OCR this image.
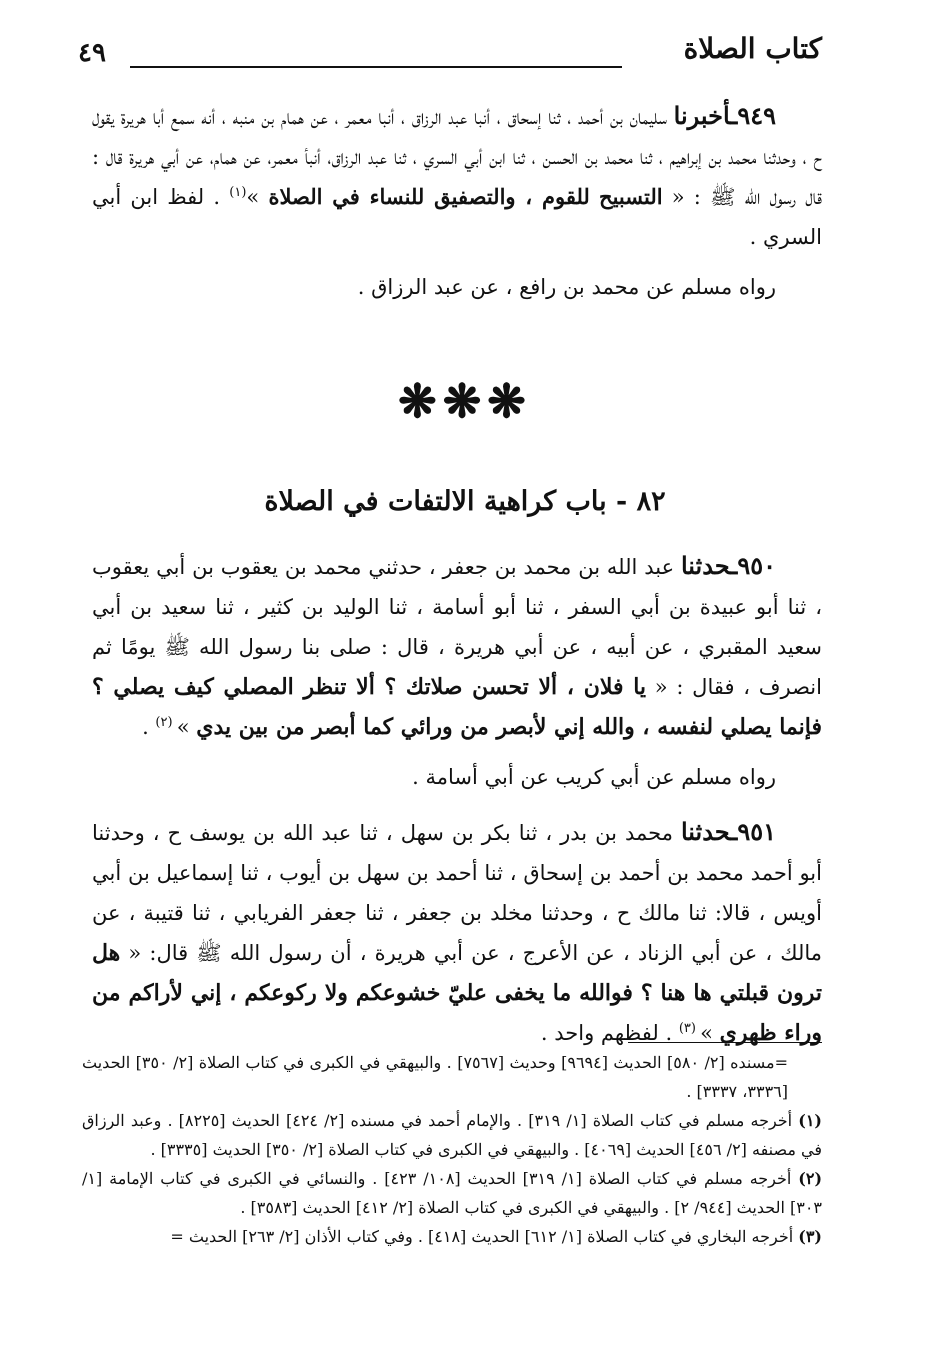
كتاب الصلاة
٤٩

٩٤٩ـأخبرنا سليمان بن أحمد ، ثنا إسحاق ، أنبا عبد الرزاق ، أنبا معمر ، عن همام بن منبه ، أنه سمع أبا هريرة يقول ح ، وحدثنا محمد بن إبراهيم ، ثنا محمد بن الحسن ، ثنا ابن أبي السري ، ثنا عبد الرزاق، أنبأ معمر، عن همام، عن أبي هريرة قال : قال رسول الله ﷺ : « التسبيح للقوم ، والتصفيق للنساء في الصلاة »$^{(١)}$ . لفظ ابن أبي السري .

رواه مسلم عن محمد بن رافع ، عن عبد الرزاق .

❋❋❋
٨٢ - باب كراهية الالتفات في الصلاة

٩٥٠ـحدثنا عبد الله بن محمد بن جعفر ، حدثني محمد بن يعقوب بن أبي يعقوب ، ثنا أبو عبيدة بن أبي السفر ، ثنا أبو أسامة ، ثنا الوليد بن كثير ، ثنا سعيد بن أبي سعيد المقبري ، عن أبيه ، عن أبي هريرة ، قال : صلى بنا رسول الله ﷺ يومًا ثم انصرف ، فقال : « يا فلان ، ألا تحسن صلاتك ؟ ألا تنظر المصلي كيف يصلي ؟ فإنما يصلي لنفسه ، والله إني لأبصر من ورائي كما أبصر من بين يدي » $^{(٢)}$ .

رواه مسلم عن أبي كريب عن أبي أسامة .

٩٥١ـحدثنا محمد بن بدر ، ثنا بكر بن سهل ، ثنا عبد الله بن يوسف ح ، وحدثنا أبو أحمد محمد بن أحمد بن إسحاق ، ثنا أحمد بن سهل بن أيوب ، ثنا إسماعيل بن أبي أويس ، قالا: ثنا مالك ح ، وحدثنا مخلد بن جعفر ، ثنا جعفر الفريابي ، ثنا قتيبة ، عن مالك ، عن أبي الزناد ، عن الأعرج ، عن أبي هريرة ، أن رسول الله ﷺ قال: « هل ترون قبلتي ها هنا ؟ فوالله ما يخفى عليّ خشوعكم ولا ركوعكم ، إني لأراكم من وراء ظهري » $^{(٣)}$ . لفظهم واحد .

=مسنده [٢/ ٥٨٠] الحديث [٩٦٩٤] وحديث [٧٥٦٧] . والبيهقي في الكبرى في كتاب الصلاة [٢/ ٣٥٠] الحديث [٣٣٣٦، ٣٣٣٧] .

(١) أخرجه مسلم في كتاب الصلاة [١/ ٣١٩] . والإمام أحمد في مسنده [٢/ ٤٢٤] الحديث [٨٢٢٥] . وعبد الرزاق في مصنفه [٢/ ٤٥٦] الحديث [٤٠٦٩] . والبيهقي في الكبرى في كتاب الصلاة [٢/ ٣٥٠] الحديث [٣٣٣٥] .

(٢) أخرجه مسلم في كتاب الصلاة [١/ ٣١٩] الحديث [١٠٨/ ٤٢٣] . والنسائي في الكبرى في كتاب الإمامة [١/ ٣٠٣] الحديث [٩٤٤/ ٢] . والبيهقي في الكبرى في كتاب الصلاة [٢/ ٤١٢] الحديث [٣٥٨٣] .

(٣) أخرجه البخاري في كتاب الصلاة [١/ ٦١٢] الحديث [٤١٨] . وفي كتاب الأذان [٢/ ٢٦٣] الحديث =
